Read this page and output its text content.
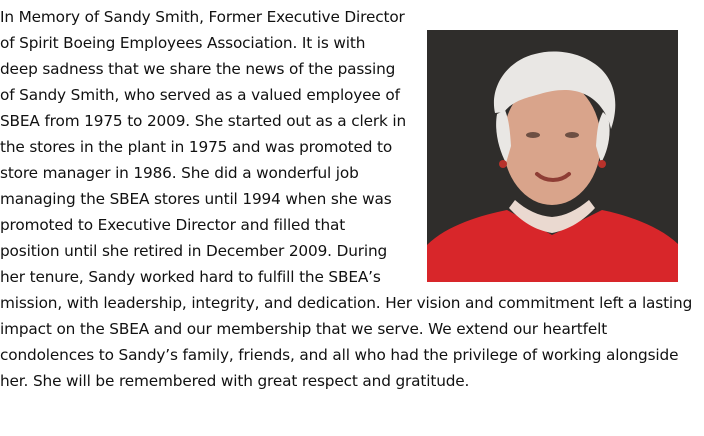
In Memory of Sandy Smith, Former Executive Director
of Spirit Boeing Employees Association. It is with
deep sadness that we share the news of the passing
of Sandy Smith, who served as a valued employee of
SBEA from 1975 to 2009. She started out as a clerk in
the stores in the plant in 1975 and was promoted to
store manager in 1986. She did a wonderful job
managing the SBEA stores until 1994 when she was
promoted to Executive Director and filled that
position until she retired in December 2009. During
her tenure, Sandy worked hard to fulfill the SBEA’s
mission, with leadership, integrity, and dedication. Her vision and commitment left a lasting
impact on the SBEA and our membership that we serve. We extend our heartfelt
condolences to Sandy’s family, friends, and all who had the privilege of working alongside
her. She will be remembered with great respect and gratitude.
